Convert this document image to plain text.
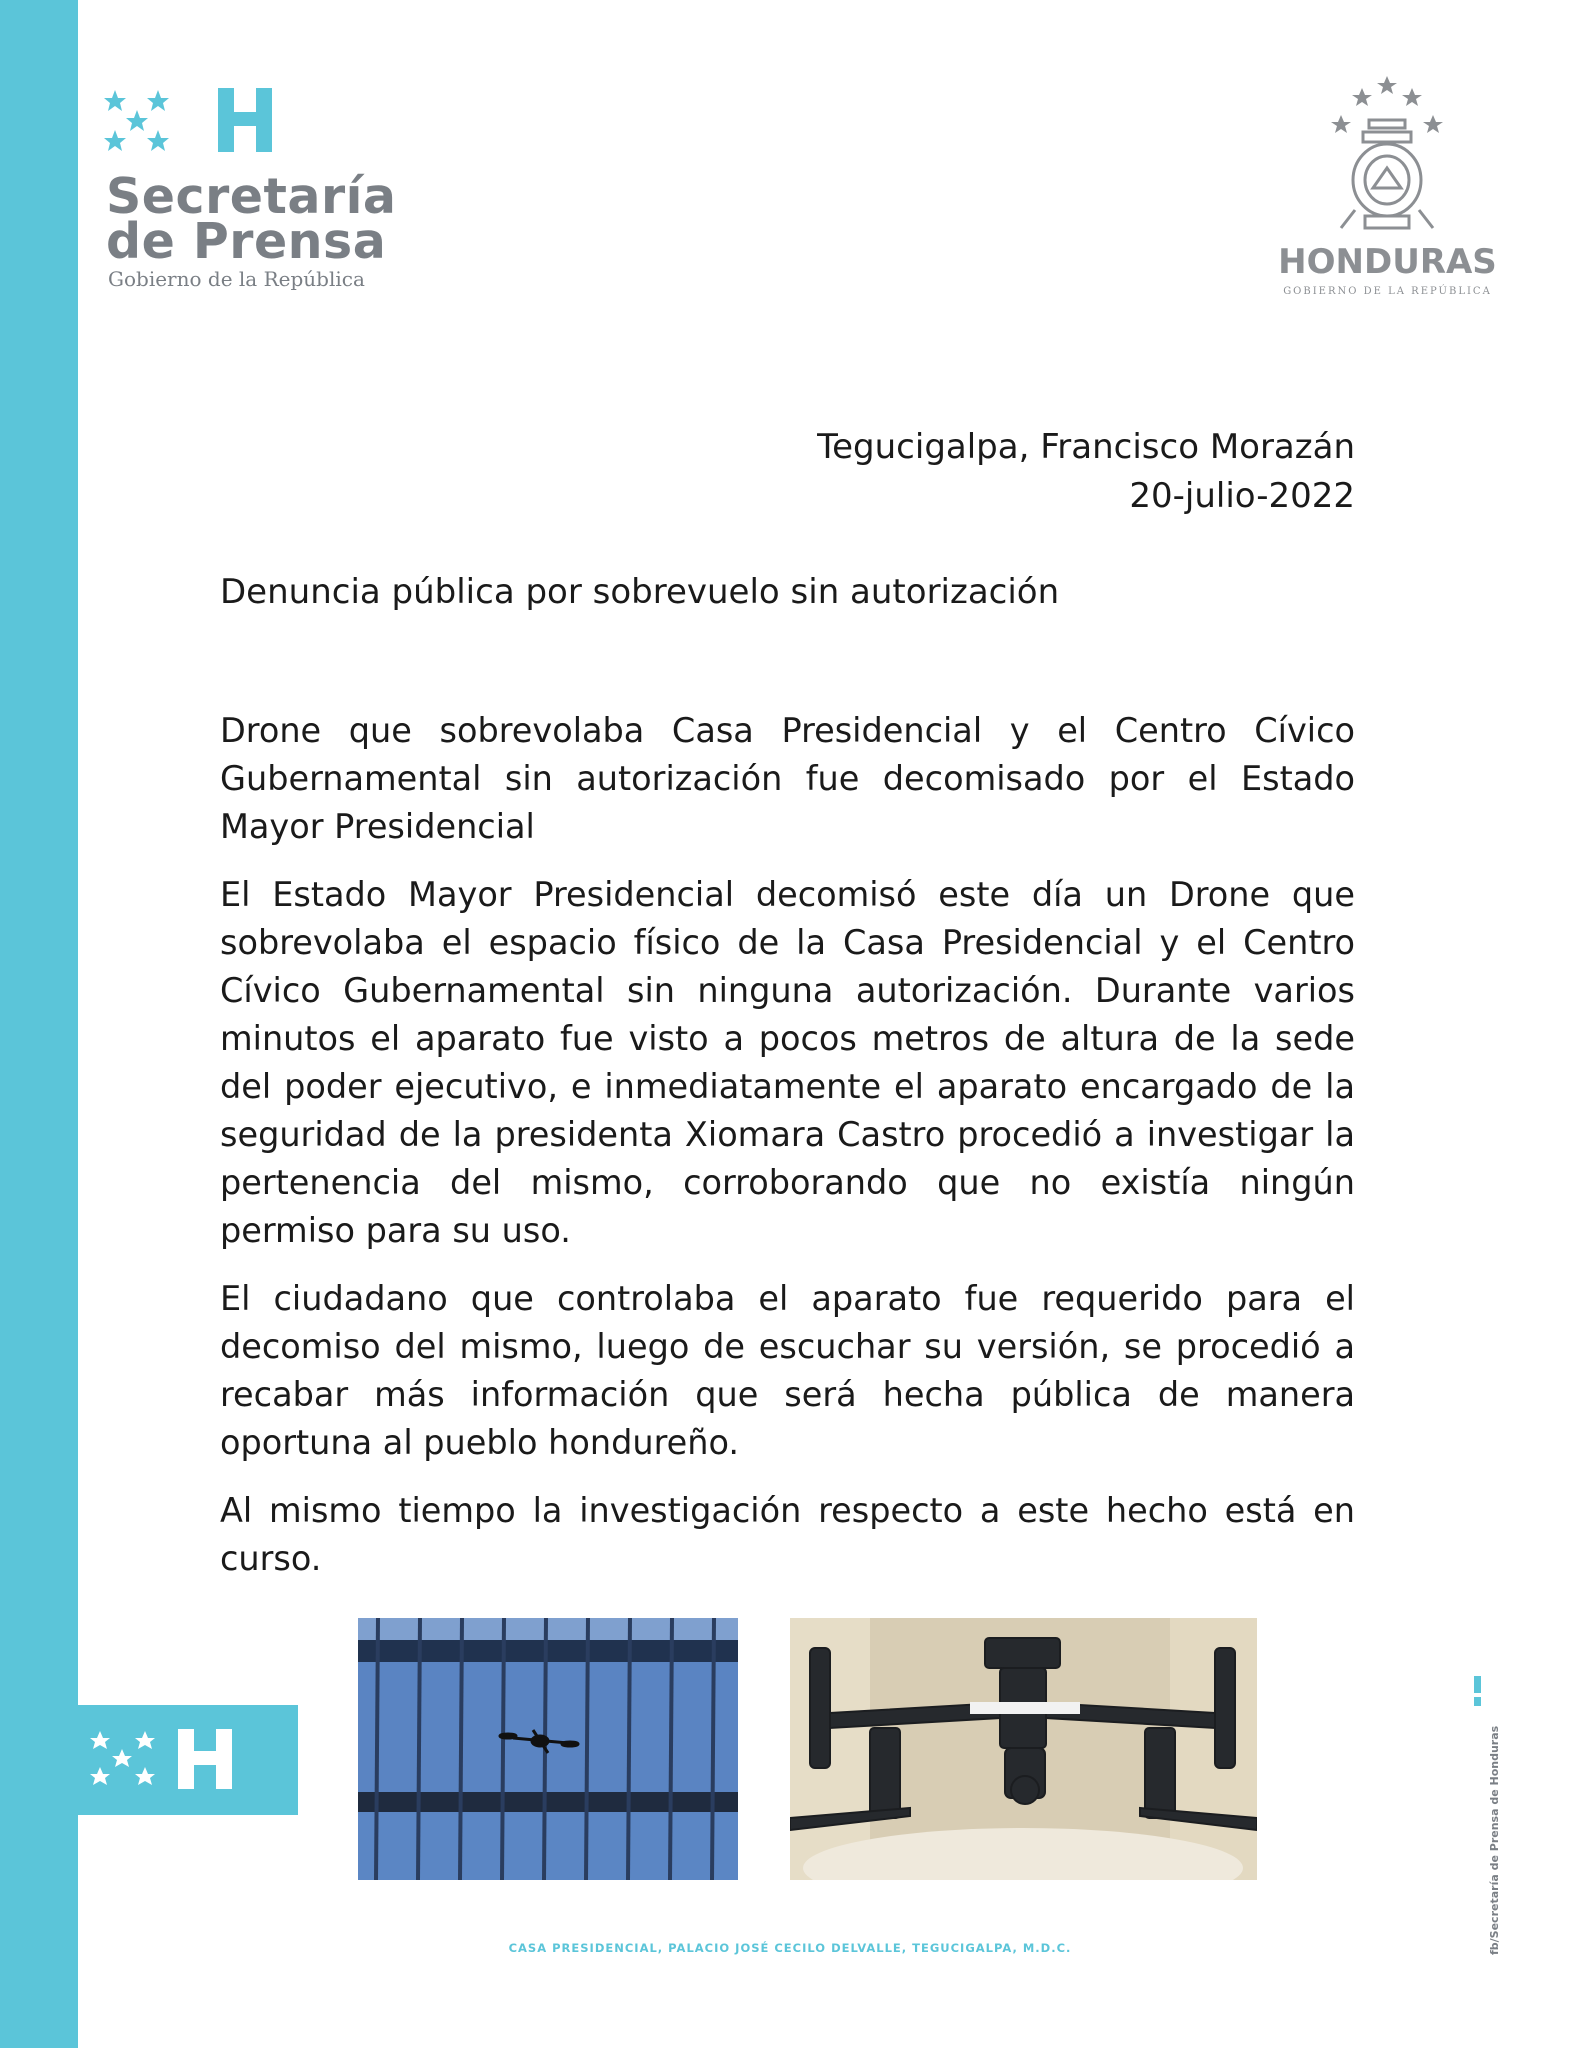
Secretaría
de Prensa
Gobierno de la República	HONDURAS
GOBIERNO DE LA REPÚBLICA
Tegucigalpa, Francisco Morazán
20-julio-2022
Denuncia pública por sobrevuelo sin autorización

Drone que sobrevolaba Casa Presidencial y el Centro Cívico Gubernamental sin autorización fue decomisado por el Estado Mayor Presidencial

El Estado Mayor Presidencial decomisó este día un Drone que sobrevolaba el espacio físico de la Casa Presidencial y el Centro Cívico Gubernamental sin ninguna autorización. Durante varios minutos el aparato fue visto a pocos metros de altura de la sede del poder ejecutivo, e inmediatamente el aparato encargado de la seguridad de la presidenta Xiomara Castro procedió a investigar la pertenencia del mismo, corroborando que no existía ningún permiso para su uso.

El ciudadano que controlaba el aparato fue requerido para el decomiso del mismo, luego de escuchar su versión, se procedió a recabar más información que será hecha pública de manera oportuna al pueblo hondureño.

Al mismo tiempo la investigación respecto a este hecho está en curso.

fb/Secretaría de Prensa de Honduras
CASA PRESIDENCIAL, PALACIO JOSÉ CECILO DELVALLE, TEGUCIGALPA, M.D.C.
